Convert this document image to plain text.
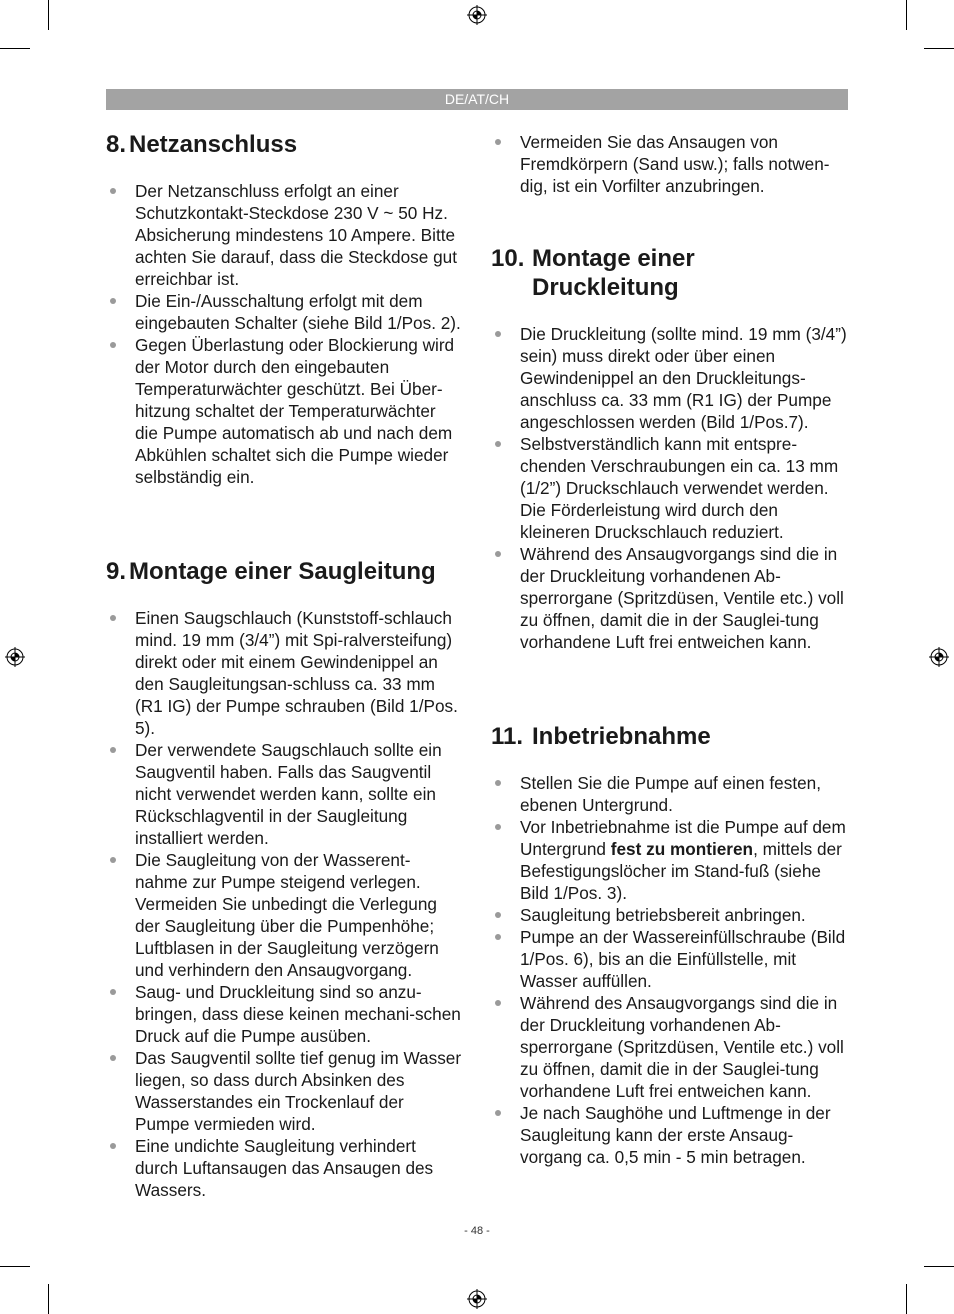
DE/AT/CH
8. Netzanschluss
Der Netzanschluss erfolgt an einer Schutzkontakt-Steckdose 230 V ~ 50 Hz. Absicherung mindestens 10 Ampere. Bitte achten Sie darauf, dass die Steckdose gut erreichbar ist.
Die Ein-/Ausschaltung erfolgt mit dem eingebauten Schalter (siehe Bild 1/Pos. 2).
Gegen Überlastung oder Blockierung wird der Motor durch den eingebauten Temperaturwächter geschützt. Bei Über-hitzung schaltet der Temperaturwächter die Pumpe automatisch ab und nach dem Abkühlen schaltet sich die Pumpe wieder selbständig ein.
9. Montage einer Saugleitung
Einen Saugschlauch (Kunststoff-schlauch mind. 19 mm (3/4”) mit Spi-ralversteifung) direkt oder mit einem Gewindenippel an den Saugleitungsan-schluss ca. 33 mm (R1 IG) der Pumpe schrauben (Bild 1/Pos. 5).
Der verwendete Saugschlauch sollte ein Saugventil haben. Falls das Saugventil nicht verwendet werden kann, sollte ein Rückschlagventil in der Saugleitung installiert werden.
Die Saugleitung von der Wasserent-nahme zur Pumpe steigend verlegen. Vermeiden Sie unbedingt die Verlegung der Saugleitung über die Pumpenhöhe; Luftblasen in der Saugleitung verzögern und verhindern den Ansaugvorgang.
Saug- und Druckleitung sind so anzu-bringen, dass diese keinen mechani-schen Druck auf die Pumpe ausüben.
Das Saugventil sollte tief genug im Wasser liegen, so dass durch Absinken des Wasserstandes ein Trockenlauf der Pumpe vermieden wird.
Eine undichte Saugleitung verhindert durch Luftansaugen das Ansaugen des Wassers.
Vermeiden Sie das Ansaugen von Fremdkörpern (Sand usw.); falls notwen-dig, ist ein Vorfilter anzubringen.
10. Montage einer Druckleitung
Die Druckleitung (sollte mind. 19 mm (3/4”) sein) muss direkt oder über einen Gewindenippel an den Druckleitungs-anschluss ca. 33 mm (R1 IG) der Pumpe angeschlossen werden (Bild 1/Pos.7).
Selbstverständlich kann mit entspre-chenden Verschraubungen ein ca. 13 mm (1/2”) Druckschlauch verwendet werden. Die Förderleistung wird durch den kleineren Druckschlauch reduziert.
Während des Ansaugvorgangs sind die in der Druckleitung vorhandenen Ab-sperrorgane (Spritzdüsen, Ventile etc.) voll zu öffnen, damit die in der Sauglei-tung vorhandene Luft frei entweichen kann.
11. Inbetriebnahme
Stellen Sie die Pumpe auf einen festen, ebenen Untergrund.
Vor Inbetriebnahme ist die Pumpe auf dem Untergrund fest zu montieren, mittels der Befestigungslöcher im Stand-fuß (siehe Bild 1/Pos. 3).
Saugleitung betriebsbereit anbringen.
Pumpe an der Wassereinfüllschraube (Bild 1/Pos. 6), bis an die Einfüllstelle, mit Wasser auffüllen.
Während des Ansaugvorgangs sind die in der Druckleitung vorhandenen Ab-sperrorgane (Spritzdüsen, Ventile etc.) voll zu öffnen, damit die in der Sauglei-tung vorhandene Luft frei entweichen kann.
Je nach Saughöhe und Luftmenge in der Saugleitung kann der erste Ansaug-vorgang ca. 0,5 min - 5 min betragen.
- 48 -
